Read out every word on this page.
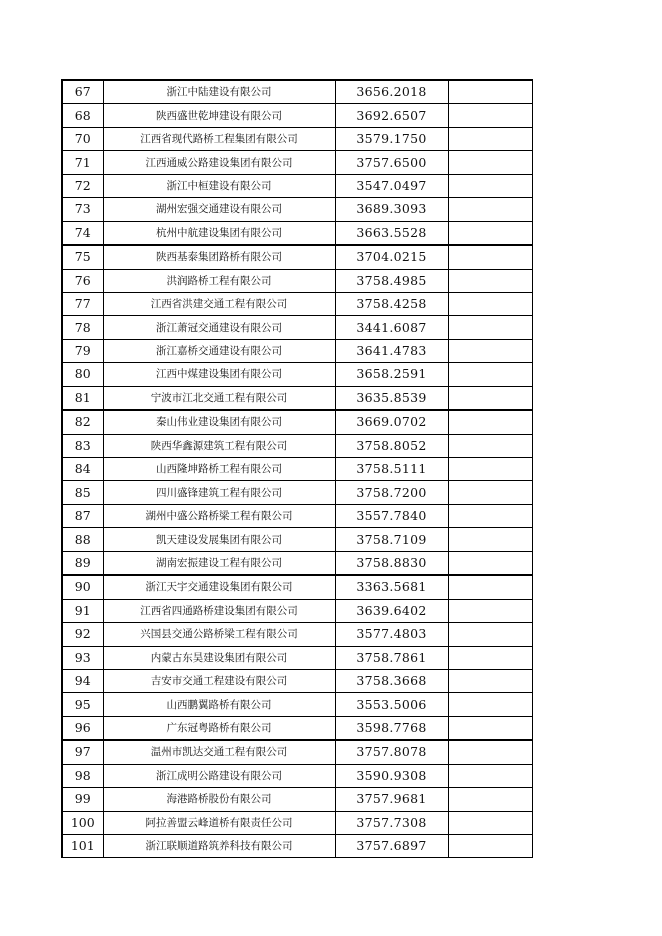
67	浙江中陆建设有限公司	3656.2018	
68	陕西盛世乾坤建设有限公司	3692.6507	
70	江西省现代路桥工程集团有限公司	3579.1750	
71	江西通威公路建设集团有限公司	3757.6500	
72	浙江中桓建设有限公司	3547.0497	
73	湖州宏强交通建设有限公司	3689.3093	
74	杭州中航建设集团有限公司	3663.5528	
75	陕西基泰集团路桥有限公司	3704.0215	
76	洪润路桥工程有限公司	3758.4985	
77	江西省洪建交通工程有限公司	3758.4258	
78	浙江萧冠交通建设有限公司	3441.6087	
79	浙江嘉桥交通建设有限公司	3641.4783	
80	江西中煤建设集团有限公司	3658.2591	
81	宁波市江北交通工程有限公司	3635.8539	
82	秦山伟业建设集团有限公司	3669.0702	
83	陕西华鑫源建筑工程有限公司	3758.8052	
84	山西隆坤路桥工程有限公司	3758.5111	
85	四川盛锋建筑工程有限公司	3758.7200	
87	湖州中盛公路桥梁工程有限公司	3557.7840	
88	凯天建设发展集团有限公司	3758.7109	
89	湖南宏振建设工程有限公司	3758.8830	
90	浙江天宇交通建设集团有限公司	3363.5681	
91	江西省四通路桥建设集团有限公司	3639.6402	
92	兴国县交通公路桥梁工程有限公司	3577.4803	
93	内蒙古东昊建设集团有限公司	3758.7861	
94	吉安市交通工程建设有限公司	3758.3668	
95	山西鹏翼路桥有限公司	3553.5006	
96	广东冠粤路桥有限公司	3598.7768	
97	温州市凯达交通工程有限公司	3757.8078	
98	浙江成明公路建设有限公司	3590.9308	
99	海港路桥股份有限公司	3757.9681	
100	阿拉善盟云峰道桥有限责任公司	3757.7308	
101	浙江联顺道路筑养科技有限公司	3757.6897	
